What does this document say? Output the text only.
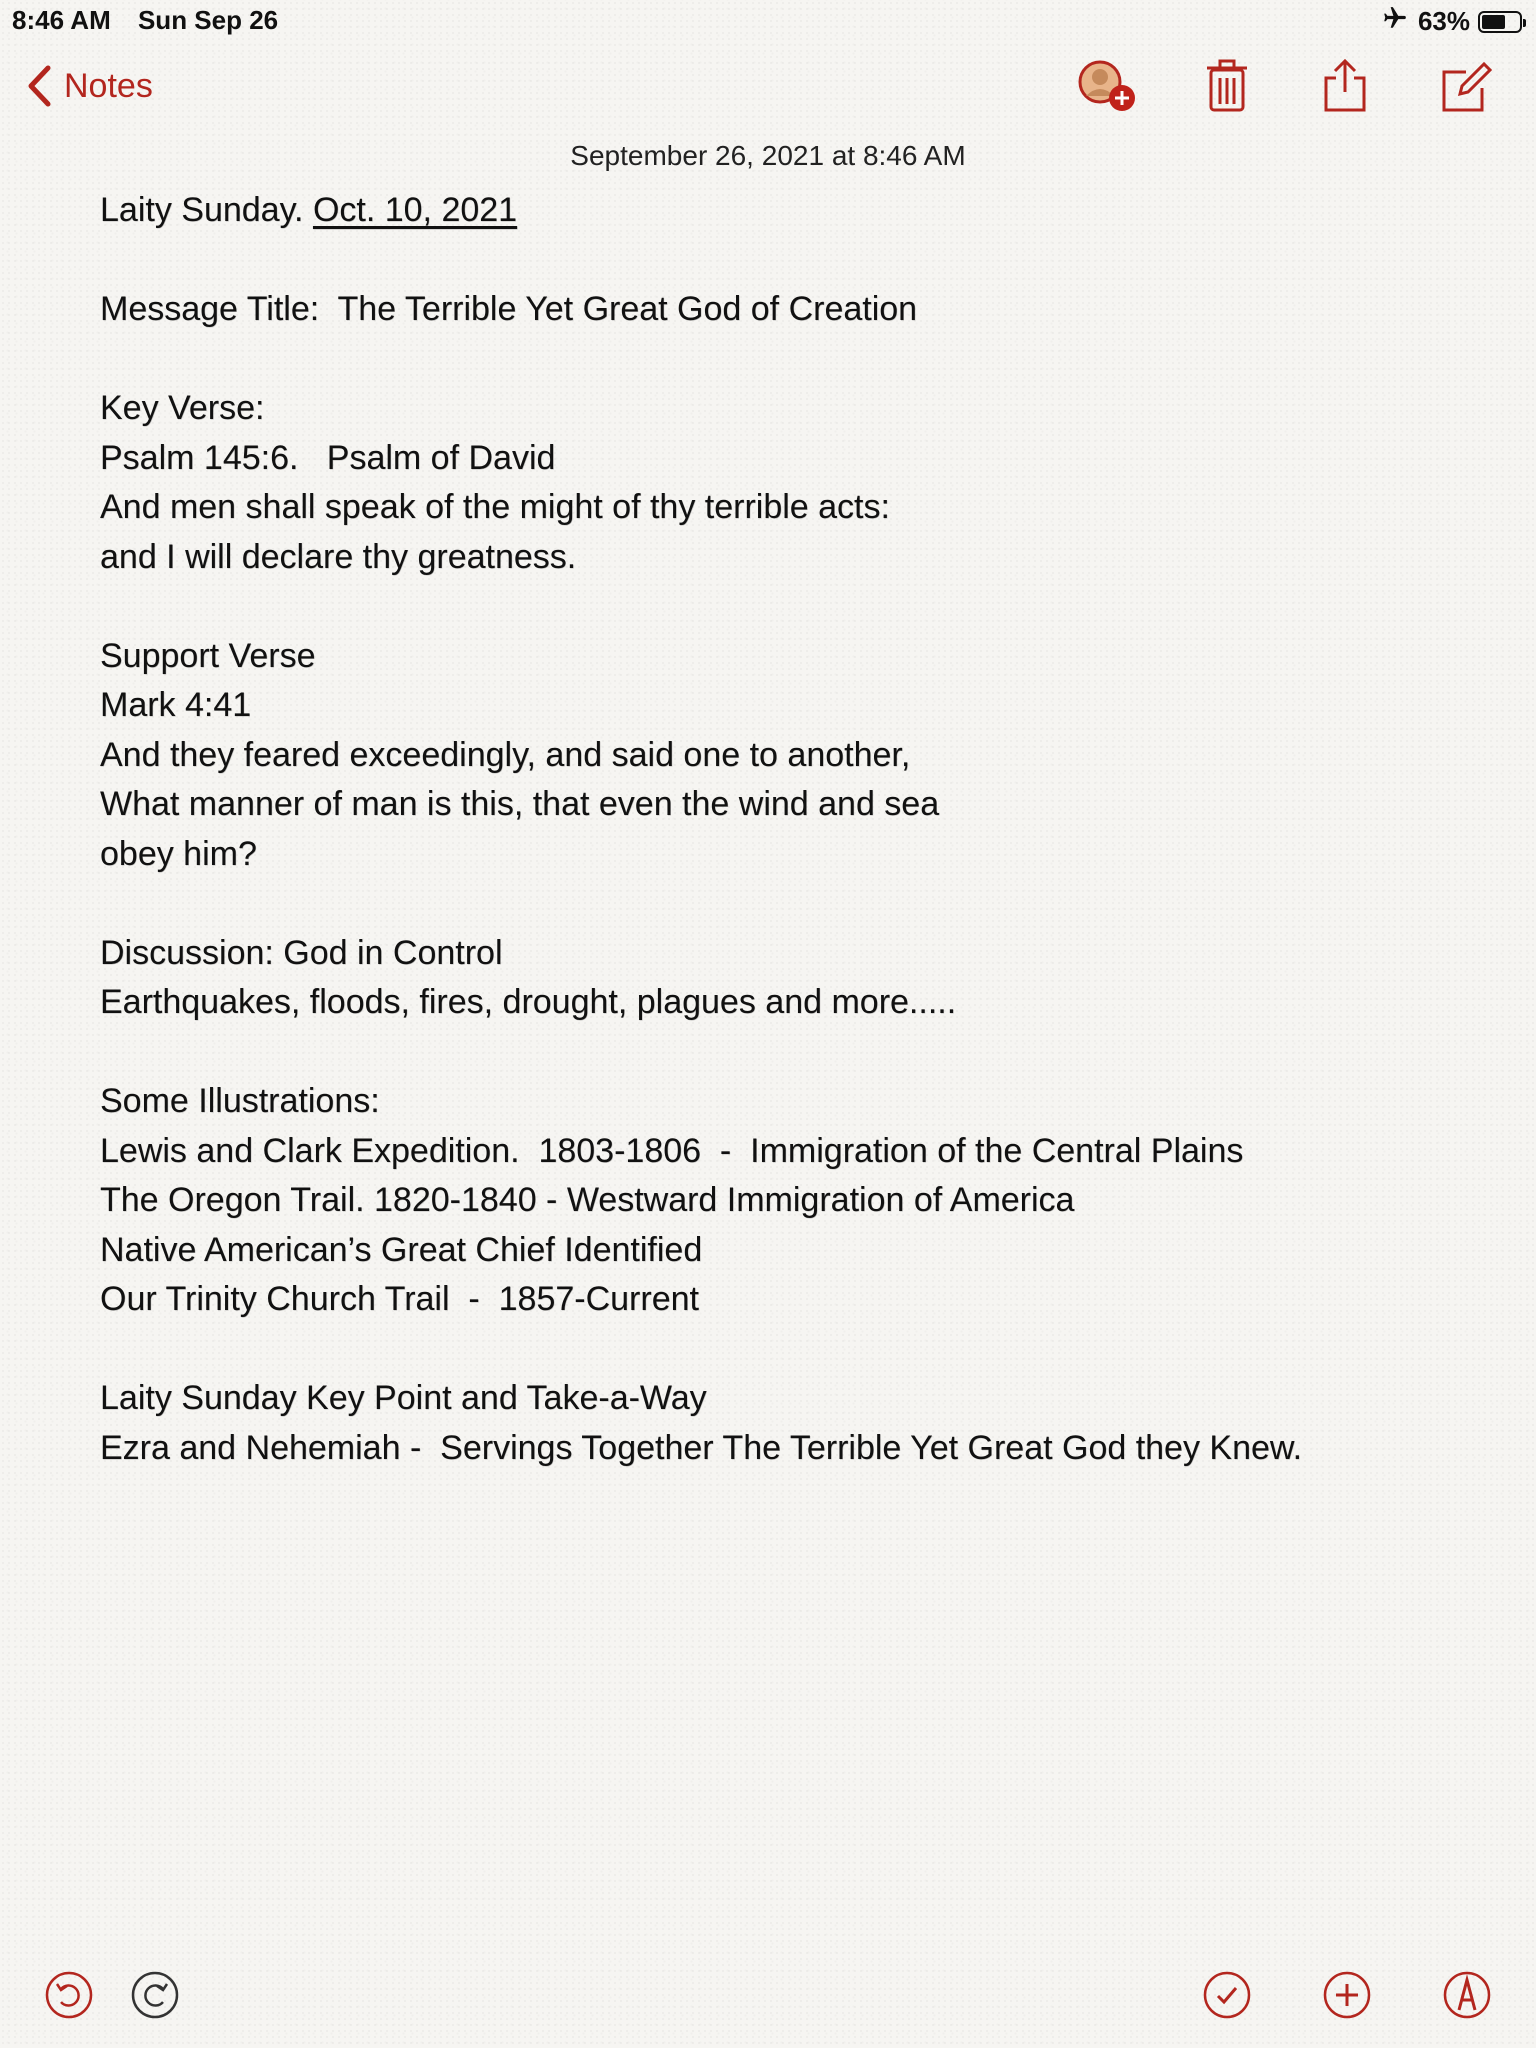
8:46 AM Sun Sep 26	63%
Notes
September 26, 2021 at 8:46 AM
Laity Sunday. Oct. 10, 2021
Message Title:  The Terrible Yet Great God of Creation
Key Verse:
Psalm 145:6.   Psalm of David
And men shall speak of the might of thy terrible acts:
and I will declare thy greatness.
Support Verse
Mark 4:41
And they feared exceedingly, and said one to another,
What manner of man is this, that even the wind and sea
obey him?
Discussion: God in Control
Earthquakes, floods, fires, drought, plagues and more.....
Some Illustrations:
Lewis and Clark Expedition.  1803-1806  -  Immigration of the Central Plains
The Oregon Trail. 1820-1840 - Westward Immigration of America
Native American’s Great Chief Identified
Our Trinity Church Trail  -  1857-Current
Laity Sunday Key Point and Take-a-Way
Ezra and Nehemiah -  Servings Together The Terrible Yet Great God they Knew.
